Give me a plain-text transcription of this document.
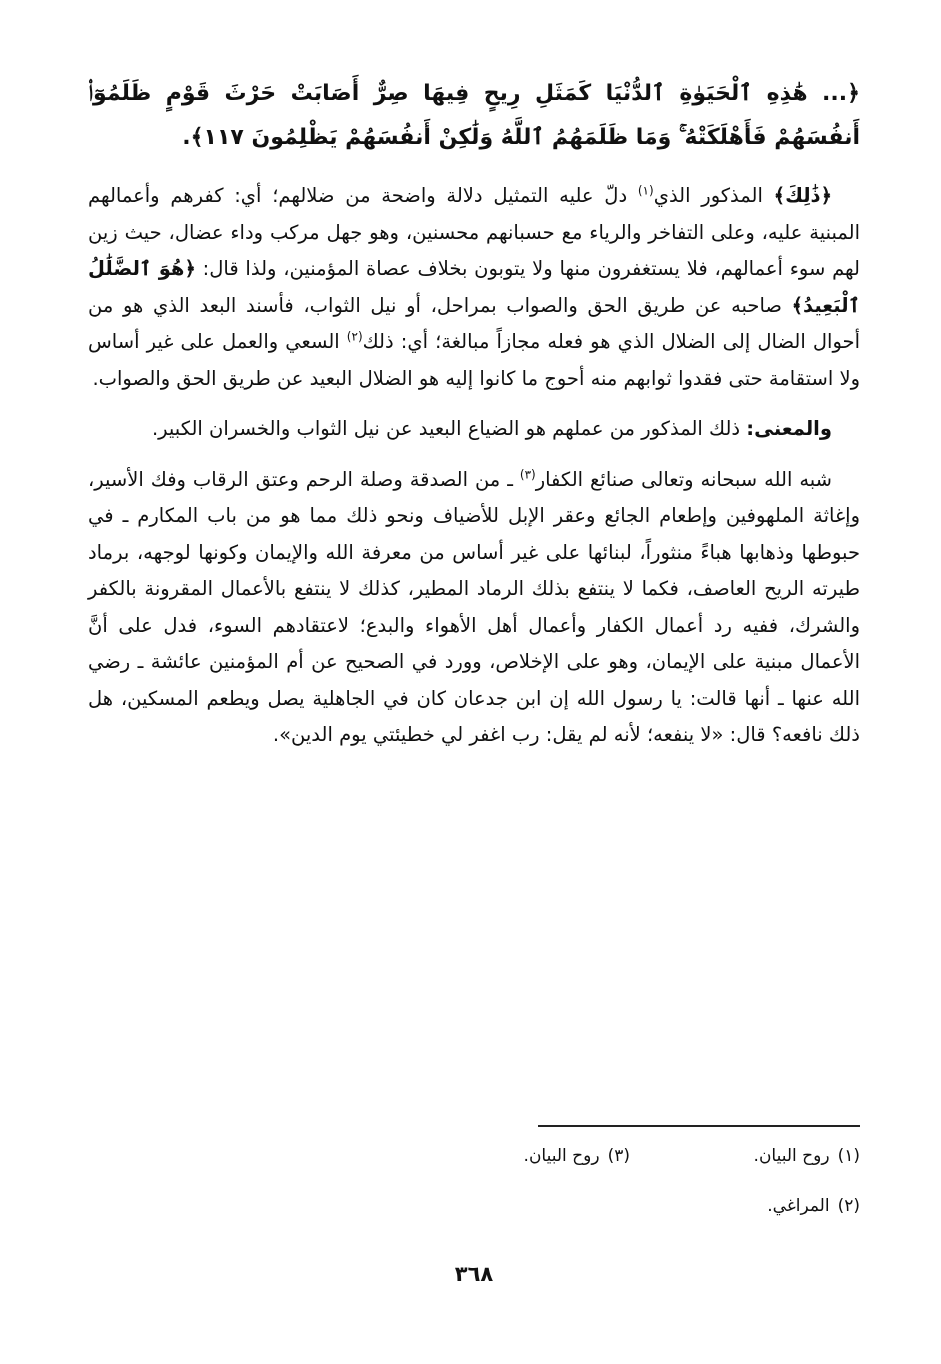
﴿... هَٰذِهِ ٱلْحَيَوٰةِ ٱلدُّنْيَا كَمَثَلِ رِيحٍ فِيهَا صِرٌّ أَصَابَتْ حَرْثَ قَوْمٍ ظَلَمُوٓا۟ أَنفُسَهُمْ فَأَهْلَكَتْهُ ۚ وَمَا ظَلَمَهُمُ ٱللَّهُ وَلَٰكِنْ أَنفُسَهُمْ يَظْلِمُونَ ١١٧﴾.

﴿ذَٰلِكَ﴾ المذكور الذي$^{(١)}$ دلّ عليه التمثيل دلالة واضحة من ضلالهم؛ أي: كفرهم وأعمالهم المبنية عليه، وعلى التفاخر والرياء مع حسبانهم محسنين، وهو جهل مركب وداء عضال، حيث زين لهم سوء أعمالهم، فلا يستغفرون منها ولا يتوبون بخلاف عصاة المؤمنين، ولذا قال: ﴿هُوَ ٱلضَّلَٰلُ ٱلْبَعِيدُ﴾ صاحبه عن طريق الحق والصواب بمراحل، أو نيل الثواب، فأسند البعد الذي هو من أحوال الضال إلى الضلال الذي هو فعله مجازاً مبالغة؛ أي: ذلك$^{(٢)}$ السعي والعمل على غير أساس ولا استقامة حتى فقدوا ثوابهم منه أحوج ما كانوا إليه هو الضلال البعيد عن طريق الحق والصواب.

والمعنى: ذلك المذكور من عملهم هو الضياع البعيد عن نيل الثواب والخسران الكبير.

شبه الله سبحانه وتعالى صنائع الكفار$^{(٣)}$ ـ من الصدقة وصلة الرحم وعتق الرقاب وفك الأسير، وإغاثة الملهوفين وإطعام الجائع وعقر الإبل للأضياف ونحو ذلك مما هو من باب المكارم ـ في حبوطها وذهابها هباءً منثوراً، لبنائها على غير أساس من معرفة الله والإيمان وكونها لوجهه، برماد طيرته الريح العاصف، فكما لا ينتفع بذلك الرماد المطير، كذلك لا ينتفع بالأعمال المقرونة بالكفر والشرك، ففيه رد أعمال الكفار وأعمال أهل الأهواء والبدع؛ لاعتقادهم السوء، فدل على أنَّ الأعمال مبنية على الإيمان، وهو على الإخلاص، وورد في الصحيح عن أم المؤمنين عائشة ـ رضي الله عنها ـ أنها قالت: يا رسول الله إن ابن جدعان كان في الجاهلية يصل ويطعم المسكين، هل ذلك نافعه؟ قال: «لا ينفعه؛ لأنه لم يقل: رب اغفر لي خطيئتي يوم الدين».

(١)روح البيان.
(٣)روح البيان.
(٢)المراغي.
٣٦٨
